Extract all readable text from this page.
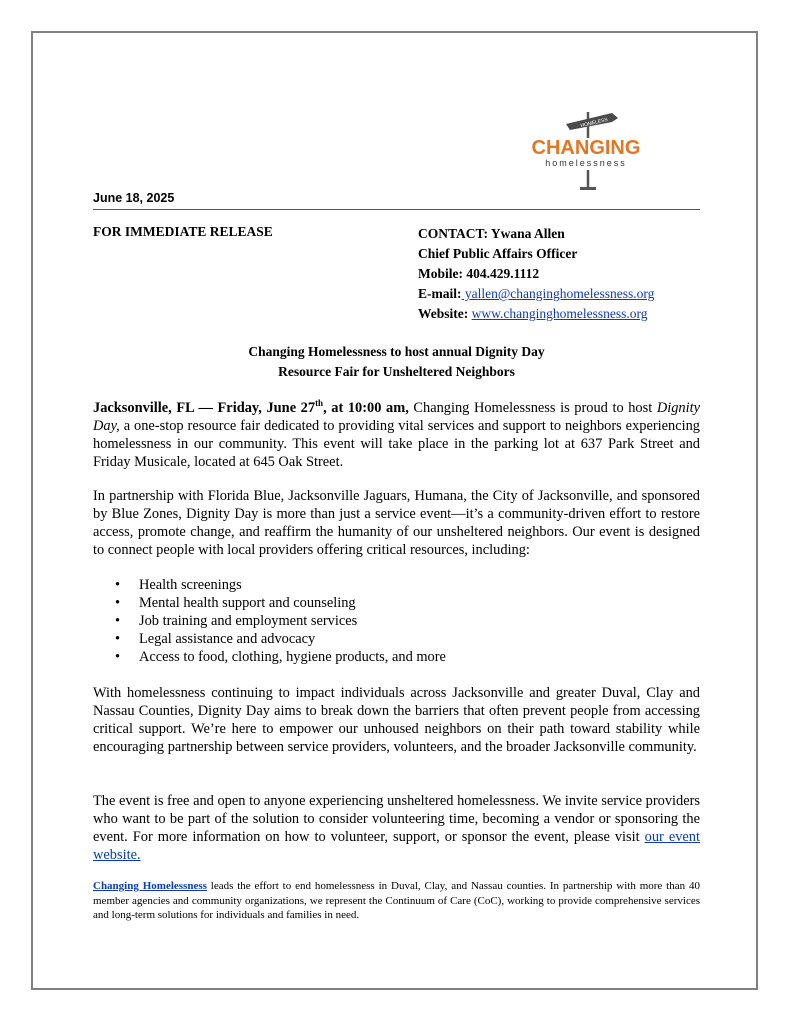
HOMELESS
CHANGING
homelessness
June 18, 2025
FOR IMMEDIATE RELEASE	CONTACT: Ywana Allen
Chief Public Affairs Officer
Mobile: 404.429.1112
E-mail: yallen@changinghomelessness.org
Website: www.changinghomelessness.org
Changing Homelessness to host annual Dignity Day
Resource Fair for Unsheltered Neighbors

Jacksonville, FL — Friday, June 27th, at 10:00 am, Changing Homelessness is proud to host Dignity Day, a one-stop resource fair dedicated to providing vital services and support to neighbors experiencing homelessness in our community. This event will take place in the parking lot at 637 Park Street and Friday Musicale, located at 645 Oak Street.

In partnership with Florida Blue, Jacksonville Jaguars, Humana, the City of Jacksonville, and sponsored by Blue Zones, Dignity Day is more than just a service event—it’s a community-driven effort to restore access, promote change, and reaffirm the humanity of our unsheltered neighbors. Our event is designed to connect people with local providers offering critical resources, including:

• Health screenings
• Mental health support and counseling
• Job training and employment services
• Legal assistance and advocacy
• Access to food, clothing, hygiene products, and more

With homelessness continuing to impact individuals across Jacksonville and greater Duval, Clay and Nassau Counties, Dignity Day aims to break down the barriers that often prevent people from accessing critical support. We’re here to empower our unhoused neighbors on their path toward stability while encouraging partnership between service providers, volunteers, and the broader Jacksonville community.

The event is free and open to anyone experiencing unsheltered homelessness. We invite service providers who want to be part of the solution to consider volunteering time, becoming a vendor or sponsoring the event. For more information on how to volunteer, support, or sponsor the event, please visit our event website.

Changing Homelessness leads the effort to end homelessness in Duval, Clay, and Nassau counties. In partnership with more than 40 member agencies and community organizations, we represent the Continuum of Care (CoC), working to provide comprehensive services and long-term solutions for individuals and families in need.
